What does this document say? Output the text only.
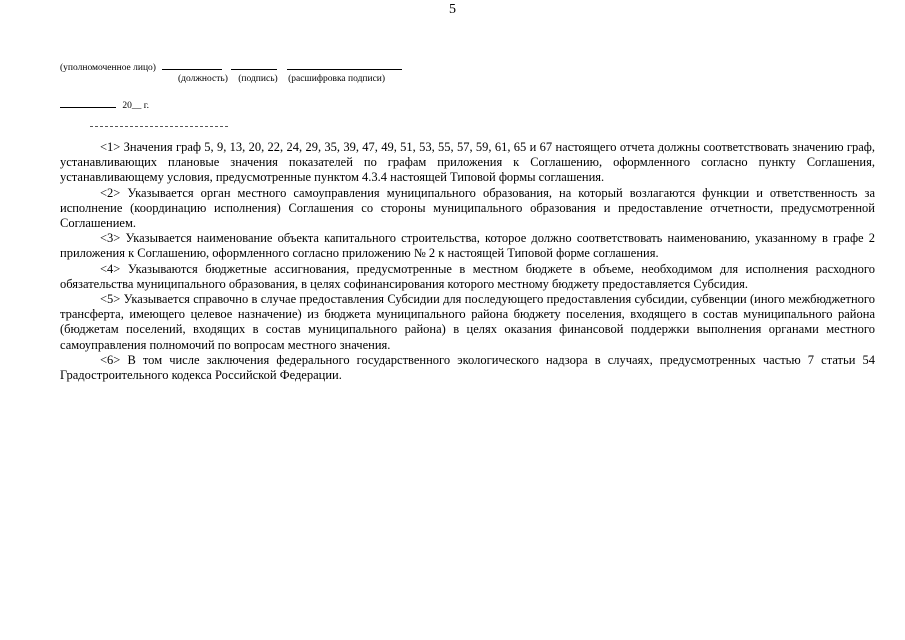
5
(уполномоченное лицо)
(должность) (подпись) (расшифровка подписи)
20__ г.

<1> Значения граф 5, 9, 13, 20, 22, 24, 29, 35, 39, 47, 49, 51, 53, 55, 57, 59, 61, 65 и 67 настоящего отчета должны соответствовать значению граф, устанавливающих плановые значения показателей по графам приложения к Соглашению, оформленного согласно пункту Соглашения, устанавливающему условия, предусмотренные пунктом 4.3.4 настоящей Типовой формы соглашения.

<2> Указывается орган местного самоуправления муниципального образования, на который возлагаются функции и ответственность за исполнение (координацию исполнения) Соглашения со стороны муниципального образования и предоставление отчетности, предусмотренной Соглашением.

<3> Указывается наименование объекта капитального строительства, которое должно соответствовать наименованию, указанному в графе 2 приложения к Соглашению, оформленного согласно приложению № 2 к настоящей Типовой форме соглашения.

<4> Указываются бюджетные ассигнования, предусмотренные в местном бюджете в объеме, необходимом для исполнения расходного обязательства муниципального образования, в целях софинансирования которого местному бюджету предоставляется Субсидия.

<5> Указывается справочно в случае предоставления Субсидии для последующего предоставления субсидии, субвенции (иного межбюджетного трансферта, имеющего целевое назначение) из бюджета муниципального района бюджету поселения, входящего в состав муниципального района (бюджетам поселений, входящих в состав муниципального района) в целях оказания финансовой поддержки выполнения органами местного самоуправления полномочий по вопросам местного значения.

<6> В том числе заключения федерального государственного экологического надзора в случаях, предусмотренных частью 7 статьи 54 Градостроительного кодекса Российской Федерации.
